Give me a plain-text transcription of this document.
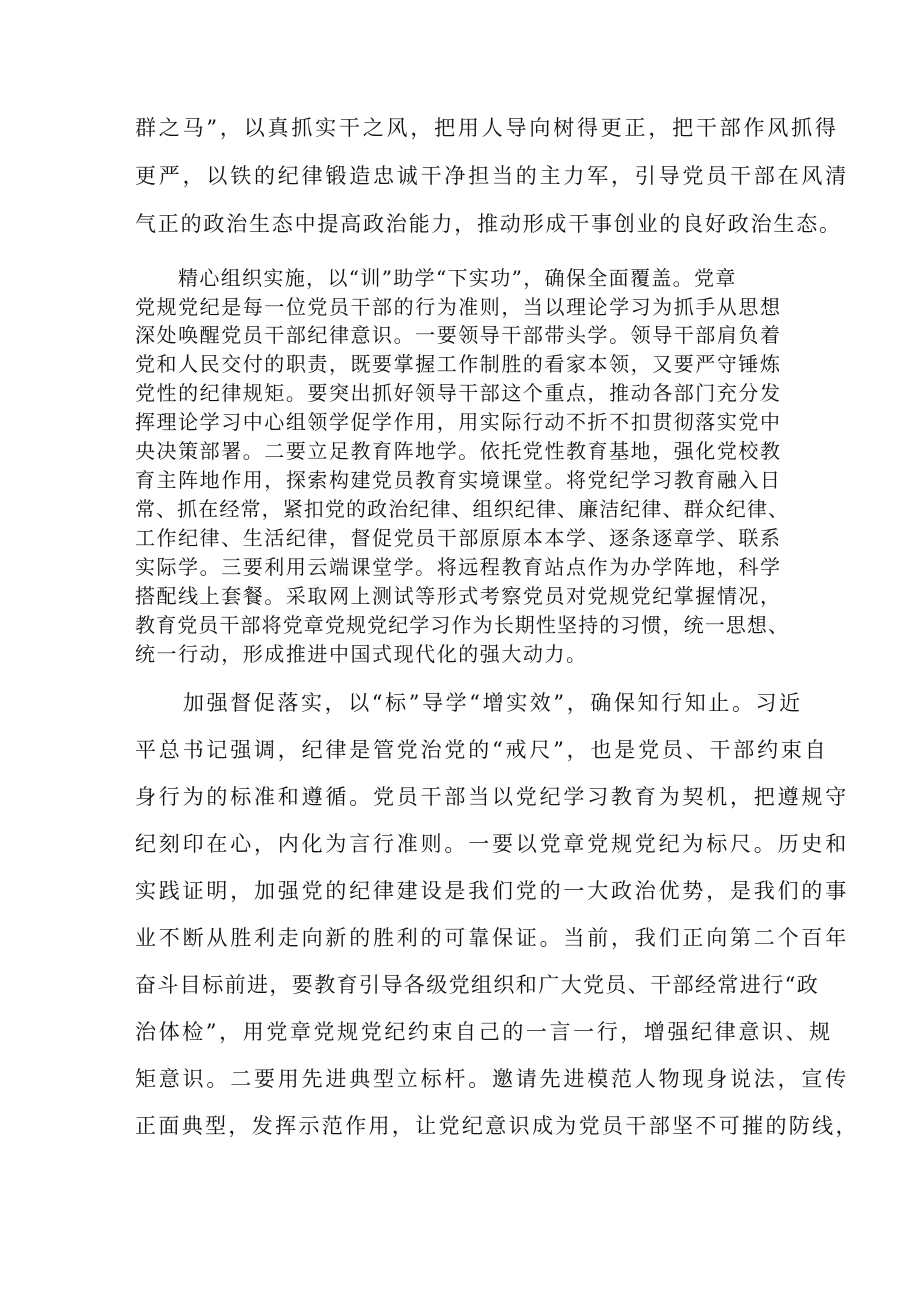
群之马”，以真抓实干之风，把用人导向树得更正，把干部作风抓得
更严，以铁的纪律锻造忠诚干净担当的主力军，引导党员干部在风清
气正的政治生态中提高政治能力，推动形成干事创业的良好政治生态。
精心组织实施，以“训”助学“下实功”，确保全面覆盖。党章
党规党纪是每一位党员干部的行为准则，当以理论学习为抓手从思想
深处唤醒党员干部纪律意识。一要领导干部带头学。领导干部肩负着
党和人民交付的职责，既要掌握工作制胜的看家本领，又要严守锤炼
党性的纪律规矩。要突出抓好领导干部这个重点，推动各部门充分发
挥理论学习中心组领学促学作用，用实际行动不折不扣贯彻落实党中
央决策部署。二要立足教育阵地学。依托党性教育基地，强化党校教
育主阵地作用，探索构建党员教育实境课堂。将党纪学习教育融入日
常、抓在经常，紧扣党的政治纪律、组织纪律、廉洁纪律、群众纪律、
工作纪律、生活纪律，督促党员干部原原本本学、逐条逐章学、联系
实际学。三要利用云端课堂学。将远程教育站点作为办学阵地，科学
搭配线上套餐。采取网上测试等形式考察党员对党规党纪掌握情况，
教育党员干部将党章党规党纪学习作为长期性坚持的习惯，统一思想、
统一行动，形成推进中国式现代化的强大动力。
加强督促落实，以“标”导学“增实效”，确保知行知止。习近
平总书记强调，纪律是管党治党的“戒尺”，也是党员、干部约束自
身行为的标准和遵循。党员干部当以党纪学习教育为契机，把遵规守
纪刻印在心，内化为言行准则。一要以党章党规党纪为标尺。历史和
实践证明，加强党的纪律建设是我们党的一大政治优势，是我们的事
业不断从胜利走向新的胜利的可靠保证。当前，我们正向第二个百年
奋斗目标前进，要教育引导各级党组织和广大党员、干部经常进行“政
治体检”，用党章党规党纪约束自己的一言一行，增强纪律意识、规
矩意识。二要用先进典型立标杆。邀请先进模范人物现身说法，宣传
正面典型，发挥示范作用，让党纪意识成为党员干部坚不可摧的防线，
